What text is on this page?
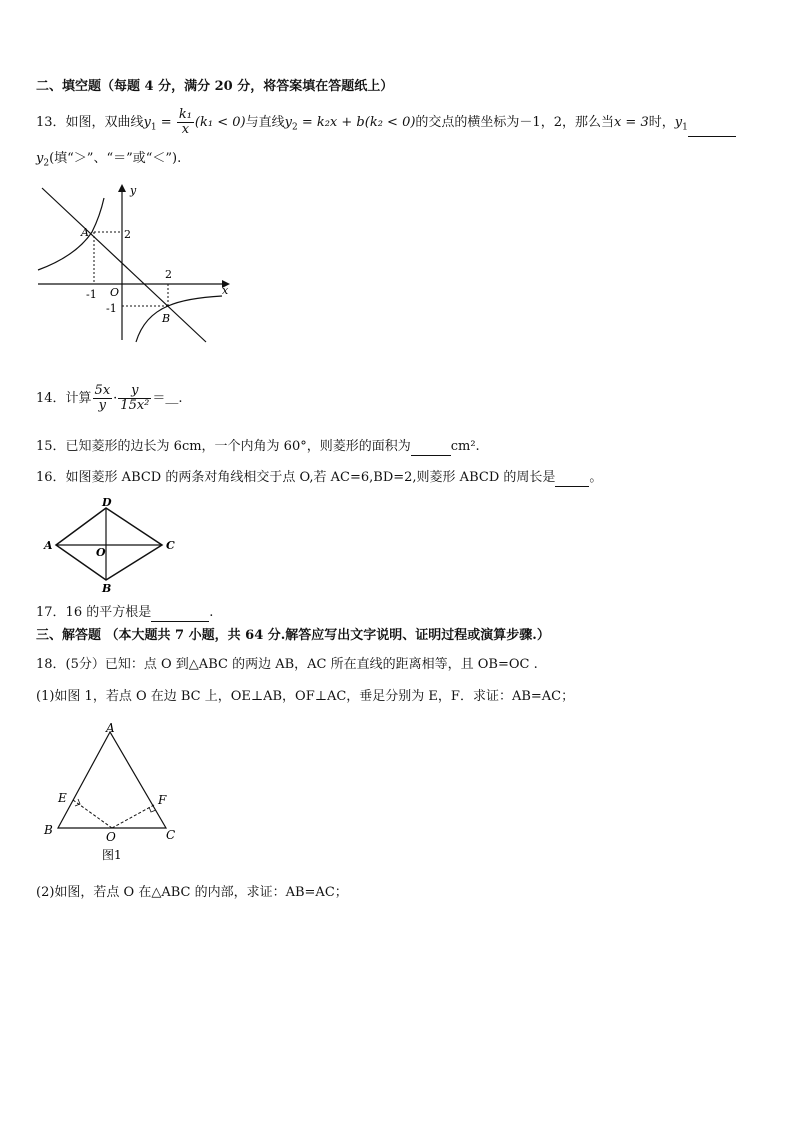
二、填空题（每题 4 分，满分 20 分，将答案填在答题纸上）
13．如图，双曲线$y_1 = \frac{\text{k₁}}{x} (k_1 < 0)$与直线$y_2 = k_2x + b(k_2 < 0)$的交点的横坐标为－1，2，那么当x = 3时，$y_1$
$y_2$(填“＞”、“＝”或“＜”).
y
x
A
B
O
2
2
-1
-1
14．计算 $\frac{5x}{y} \cdot \frac{y}{\text{15x²}}$ ＝＿.
15．已知菱形的边长为 6cm，一个内角为 60°，则菱形的面积为	cm².
16．如图菱形 ABCD 的两条对角线相交于点 O,若 AC=6,BD=2,则菱形 ABCD 的周长是	。
A	C
D
B
O
17．16 的平方根是	.
三、解答题 （本大题共 7 小题，共 64 分.解答应写出文字说明、证明过程或演算步骤.）
18．(5分）已知：点 O 到△ABC 的两边 AB，AC 所在直线的距离相等，且 OB=OC .
(1)如图 1，若点 O 在边 BC 上，OE⊥AB，OF⊥AC，垂足分别为 E，F．求证：AB=AC；
A
B	C
E	F
O
图1
(2)如图，若点 O 在△ABC 的内部，求证：AB=AC；
